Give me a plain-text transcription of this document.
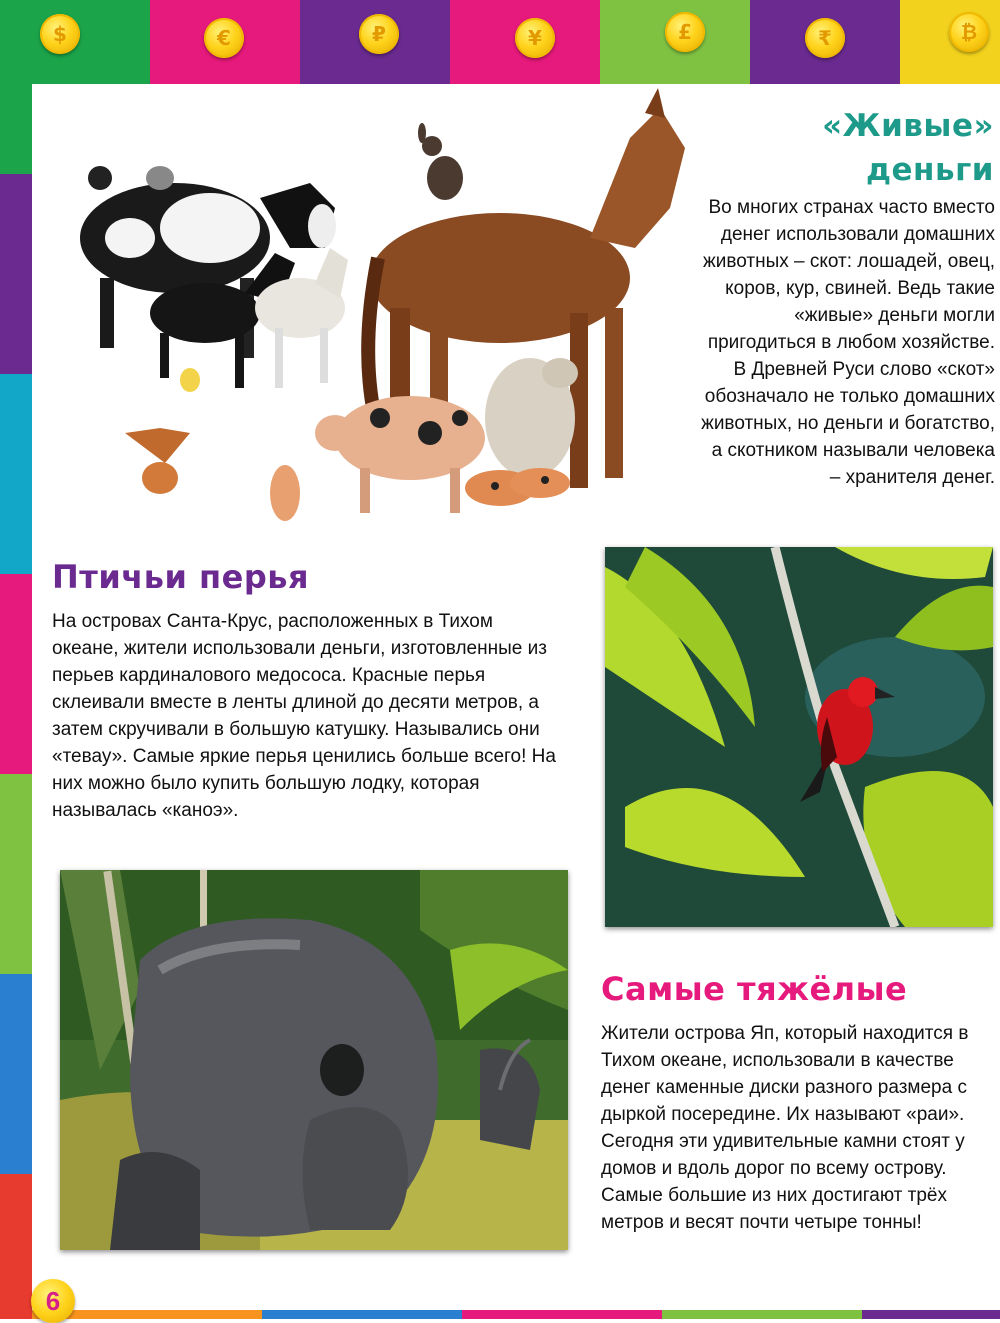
$	€	₽	¥	£	₹	₿
«Живые»
деньги
Во многих странах часто вместо денег использовали домашних животных – скот: лошадей, овец, коров, кур, свиней. Ведь такие «живые» деньги могли пригодиться в любом хозяйстве. В Древней Руси слово «скот» обозначало не только домашних животных, но деньги и богатство, а скотником называли человека – хранителя денег.
Птичьи перья
На островах Санта-Крус, расположенных в Тихом океане, жители использовали деньги, изготовленные из перьев кардиналового медососа. Красные перья склеивали вместе в ленты длиной до десяти метров, а затем скручивали в большую катушку. Назывались они «тевау». Самые яркие перья ценились больше всего! На них можно было купить большую лодку, которая называлась «каноэ».
Самые тяжёлые
Жители острова Яп, который находится в Тихом океане, использовали в качестве денег каменные диски разного размера с дыркой посередине. Их называют «раи». Сегодня эти удивительные камни стоят у домов и вдоль дорог по всему острову. Самые большие из них достигают трёх метров и весят почти четыре тонны!
6
